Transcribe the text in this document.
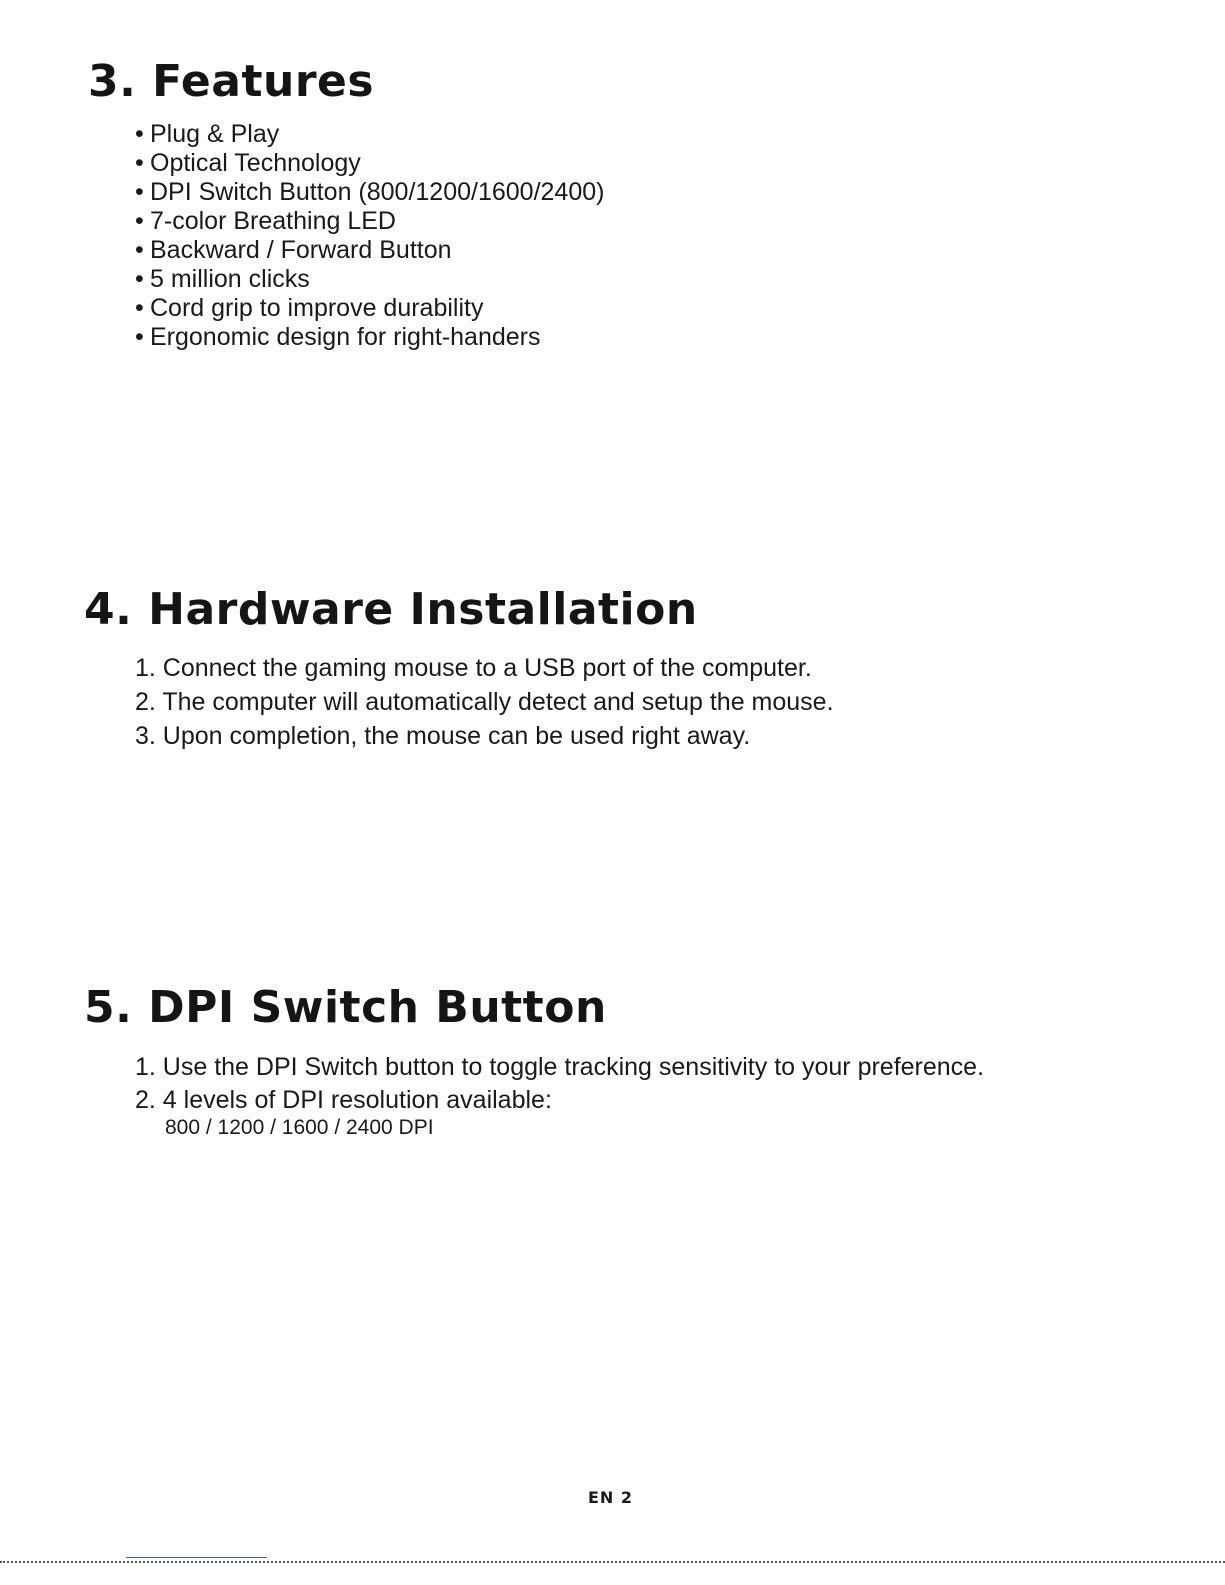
3. Features
• Plug & Play
• Optical Technology
• DPI Switch Button (800/1200/1600/2400)
• 7-color Breathing LED
• Backward / Forward Button
• 5 million clicks
• Cord grip to improve durability
• Ergonomic design for right-handers
4. Hardware Installation
1. Connect the gaming mouse to a USB port of the computer.
2. The computer will automatically detect and setup the mouse.
3. Upon completion, the mouse can be used right away.
5. DPI Switch Button
1. Use the DPI Switch button to toggle tracking sensitivity to your preference.
2. 4 levels of DPI resolution available:
800 / 1200 / 1600 / 2400 DPI
EN 2
